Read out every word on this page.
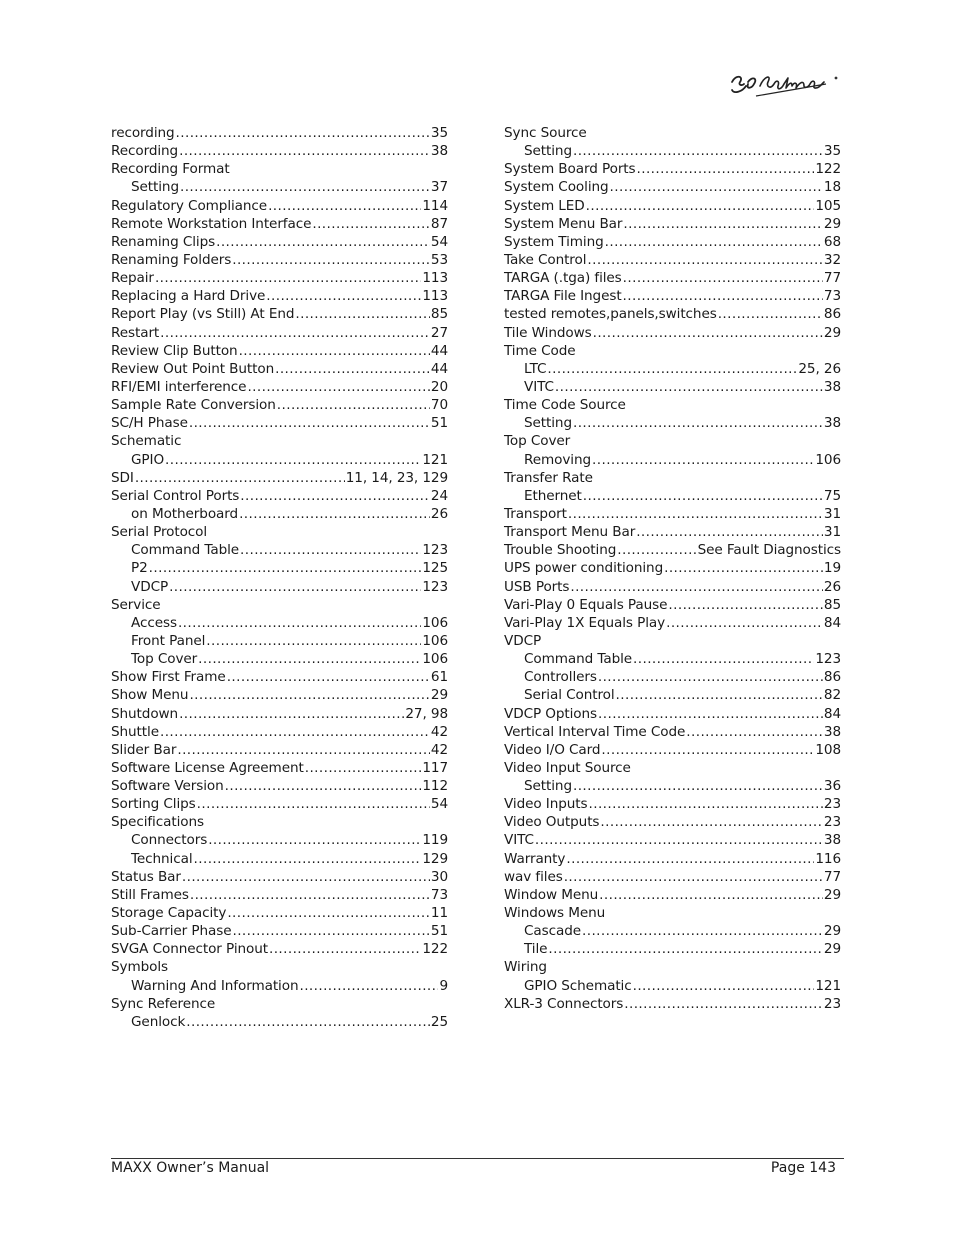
recording .....	35
Recording .....	38
Recording Format
Setting .....	37
Regulatory Compliance .....	114
Remote Workstation Interface .....	87
Renaming Clips .....	54
Renaming Folders .....	53
Repair .....	113
Replacing a Hard Drive .....	113
Report Play (vs Still) At End .....	85
Restart .....	27
Review Clip Button .....	44
Review Out Point Button .....	44
RFI/EMI interference .....	20
Sample Rate Conversion .....	70
SC/H Phase .....	51
Schematic
GPIO .....	121
SDI .....	11, 14, 23, 129
Serial Control Ports .....	24
on Motherboard .....	26
Serial Protocol
Command Table .....	123
P2 .....	125
VDCP .....	123
Service
Access .....	106
Front Panel .....	106
Top Cover .....	106
Show First Frame .....	61
Show Menu .....	29
Shutdown .....	27, 98
Shuttle .....	42
Slider Bar .....	42
Software License Agreement .....	117
Software Version .....	112
Sorting Clips .....	54
Specifications
Connectors .....	119
Technical .....	129
Status Bar .....	30
Still Frames .....	73
Storage Capacity .....	11
Sub-Carrier Phase .....	51
SVGA Connector Pinout .....	122
Symbols
Warning And Information .....	9
Sync Reference
Genlock .....	25
Sync Source
Setting .....	35
System Board Ports .....	122
System Cooling .....	18
System LED .....	105
System Menu Bar .....	29
System Timing .....	68
Take Control .....	32
TARGA (.tga) files .....	77
TARGA File Ingest .....	73
tested remotes,panels,switches .....	86
Tile Windows .....	29
Time Code
LTC .....	25, 26
VITC .....	38
Time Code Source
Setting .....	38
Top Cover
Removing .....	106
Transfer Rate
Ethernet .....	75
Transport .....	31
Transport Menu Bar .....	31
Trouble Shooting .....	See Fault Diagnostics
UPS power conditioning .....	19
USB Ports .....	26
Vari-Play 0 Equals Pause .....	85
Vari-Play 1X Equals Play .....	84
VDCP
Command Table .....	123
Controllers .....	86
Serial Control .....	82
VDCP Options .....	84
Vertical Interval Time Code .....	38
Video I/O Card .....	108
Video Input Source
Setting .....	36
Video Inputs .....	23
Video Outputs .....	23
VITC .....	38
Warranty .....	116
wav files .....	77
Window Menu .....	29
Windows Menu
Cascade .....	29
Tile .....	29
Wiring
GPIO Schematic .....	121
XLR-3 Connectors .....	23
MAXX Owner’s Manual	Page 143
